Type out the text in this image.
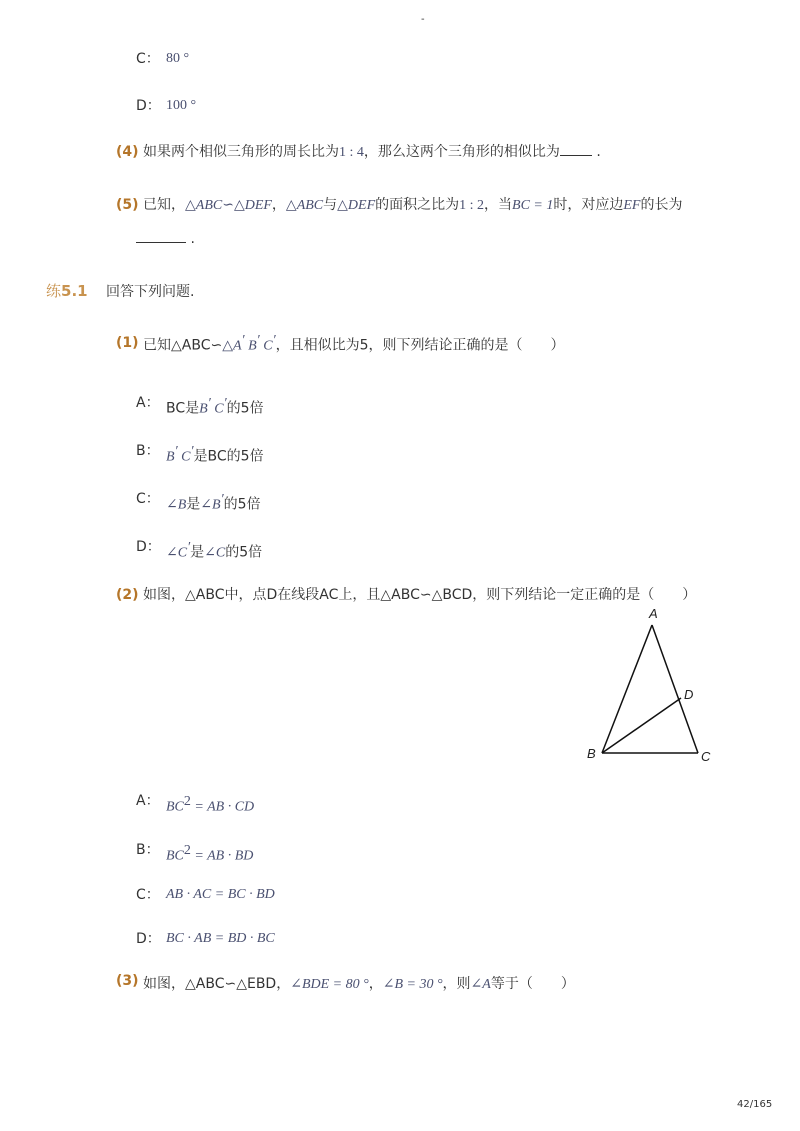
-
C： 80 °
D： 100 °
(4) 如果两个相似三角形的周长比为1 : 4，那么这两个三角形的相似比为	.
(5) 已知，△ABC∽△DEF，△ABC与△DEF的面积之比为1 : 2，当BC = 1时，对应边EF的长为
.
练5.1 回答下列问题.
(1) 已知△ABC∽△A′ B′ C′，且相似比为5，则下列结论正确的是（　　）
A： BC是B′ C′的5倍
B： B′ C′是BC的5倍
C： ∠B是∠B′的5倍
D： ∠C′是∠C的5倍
(2) 如图，△ABC中，点D在线段AC上，且△ABC∽△BCD，则下列结论一定正确的是（　　）
A
D
B	C
A： $BC^2$ = AB · CD
B： $BC^2$ = AB · BD
C： AB · AC = BC · BD
D： BC · AB = BD · BC
(3) 如图，△ABC∽△EBD，∠BDE = 80 °，∠B = 30 °，则∠A等于（　　）
42/165
